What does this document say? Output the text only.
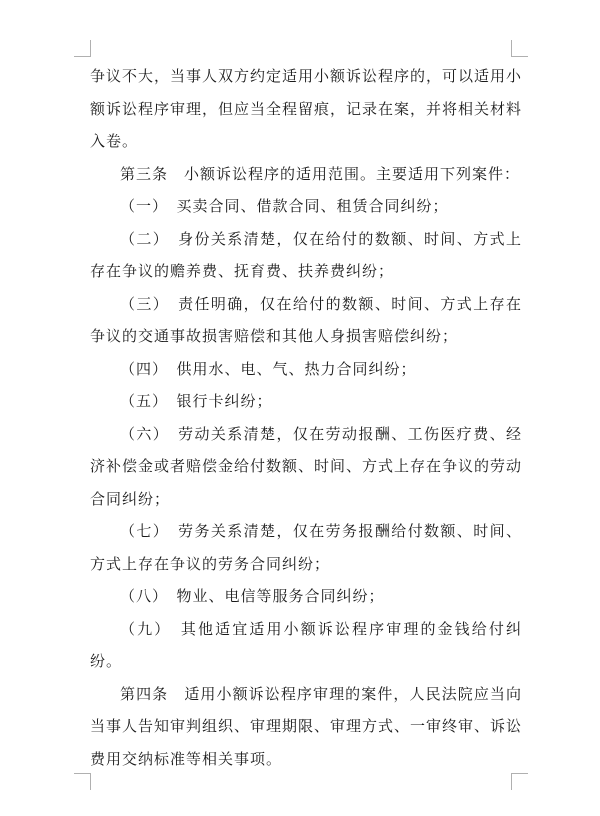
争议不大，当事人双方约定适用小额诉讼程序的，可以适用小额诉讼程序审理，但应当全程留痕，记录在案，并将相关材料入卷。

第三条　小额诉讼程序的适用范围。主要适用下列案件：

（一）　买卖合同、借款合同、租赁合同纠纷；

（二）　身份关系清楚，仅在给付的数额、时间、方式上存在争议的赡养费、抚育费、扶养费纠纷；

（三）　责任明确，仅在给付的数额、时间、方式上存在争议的交通事故损害赔偿和其他人身损害赔偿纠纷；

（四）　供用水、电、气、热力合同纠纷；

（五）　银行卡纠纷；

（六）　劳动关系清楚，仅在劳动报酬、工伤医疗费、经济补偿金或者赔偿金给付数额、时间、方式上存在争议的劳动合同纠纷；

（七）　劳务关系清楚，仅在劳务报酬给付数额、时间、方式上存在争议的劳务合同纠纷；

（八）　物业、电信等服务合同纠纷；

（九）　其他适宜适用小额诉讼程序审理的金钱给付纠纷。

第四条　适用小额诉讼程序审理的案件，人民法院应当向当事人告知审判组织、审理期限、审理方式、一审终审、诉讼费用交纳标准等相关事项。
